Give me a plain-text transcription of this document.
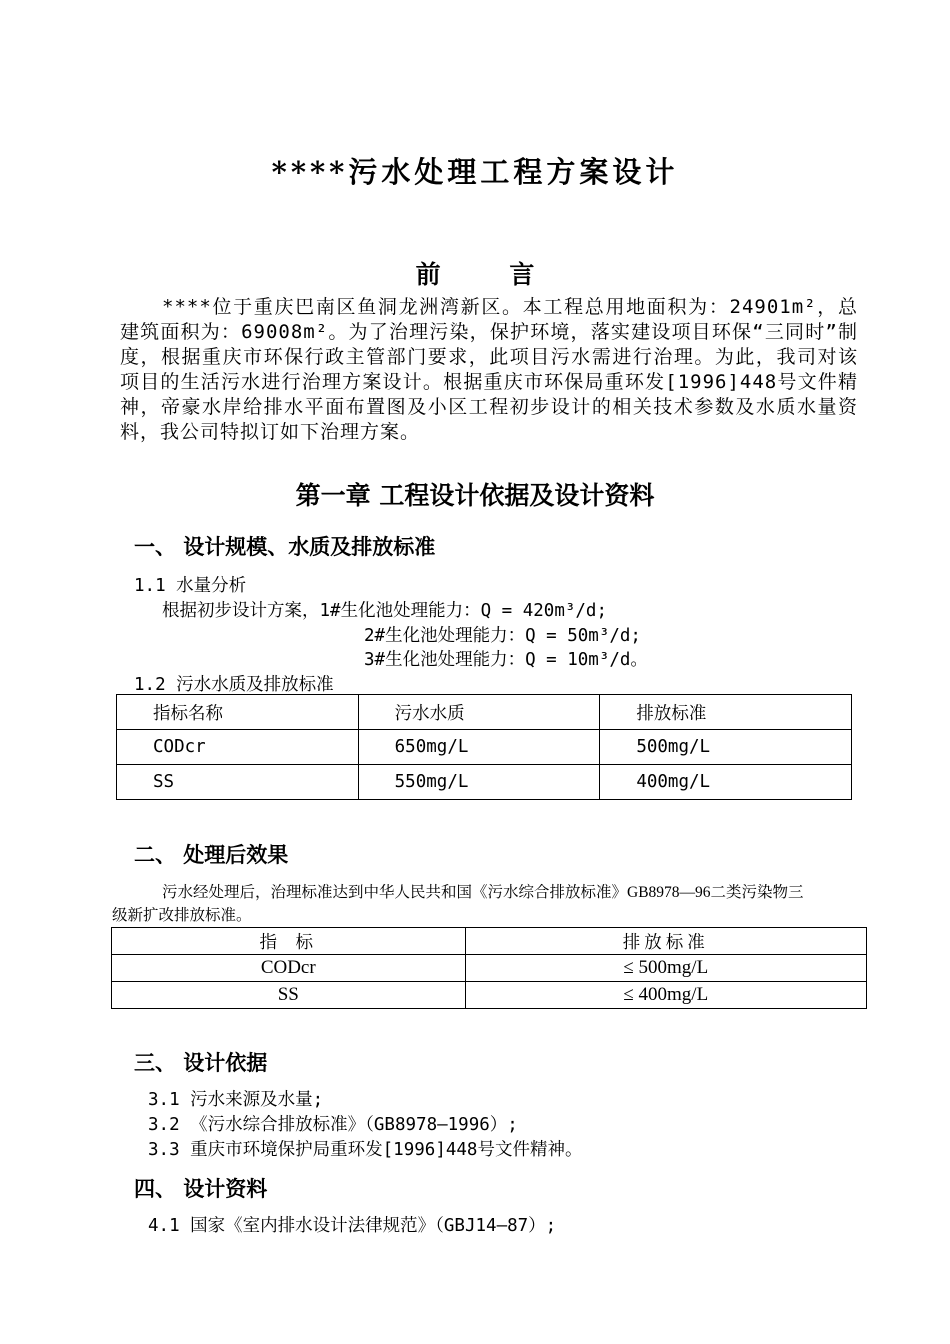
****污水处理工程方案设计
前 言
****位于重庆巴南区鱼洞龙洲湾新区。本工程总用地面积为：24901m²，总建筑面积为：69008m²。为了治理污染，保护环境，落实建设项目环保“三同时”制度，根据重庆市环保行政主管部门要求，此项目污水需进行治理。为此，我司对该项目的生活污水进行治理方案设计。根据重庆市环保局重环发[1996]448号文件精神，帝豪水岸给排水平面布置图及小区工程初步设计的相关技术参数及水质水量资料，我公司特拟订如下治理方案。
第一章 工程设计依据及设计资料
一、 设计规模、水质及排放标准
1.1 水量分析
根据初步设计方案，1#生化池处理能力：Q = 420m³/d;
2#生化池处理能力：Q = 50m³/d;
3#生化池处理能力：Q = 10m³/d。
1.2 污水水质及排放标准
指标名称	污水水质	排放标准
CODcr	650mg/L	500mg/L
SS	550mg/L	400mg/L
二、 处理后效果
污水经处理后，治理标准达到中华人民共和国《污水综合排放标准》GB8978—96二类污染物三
级新扩改排放标准。
指 标	排放标准
CODcr	≤ 500mg/L
SS	≤ 400mg/L
三、 设计依据
3.1 污水来源及水量;
3.2 《污水综合排放标准》（GB8978—1996）;
3.3 重庆市环境保护局重环发[1996]448号文件精神。
四、 设计资料
4.1 国家《室内排水设计法律规范》（GBJ14—87）;
